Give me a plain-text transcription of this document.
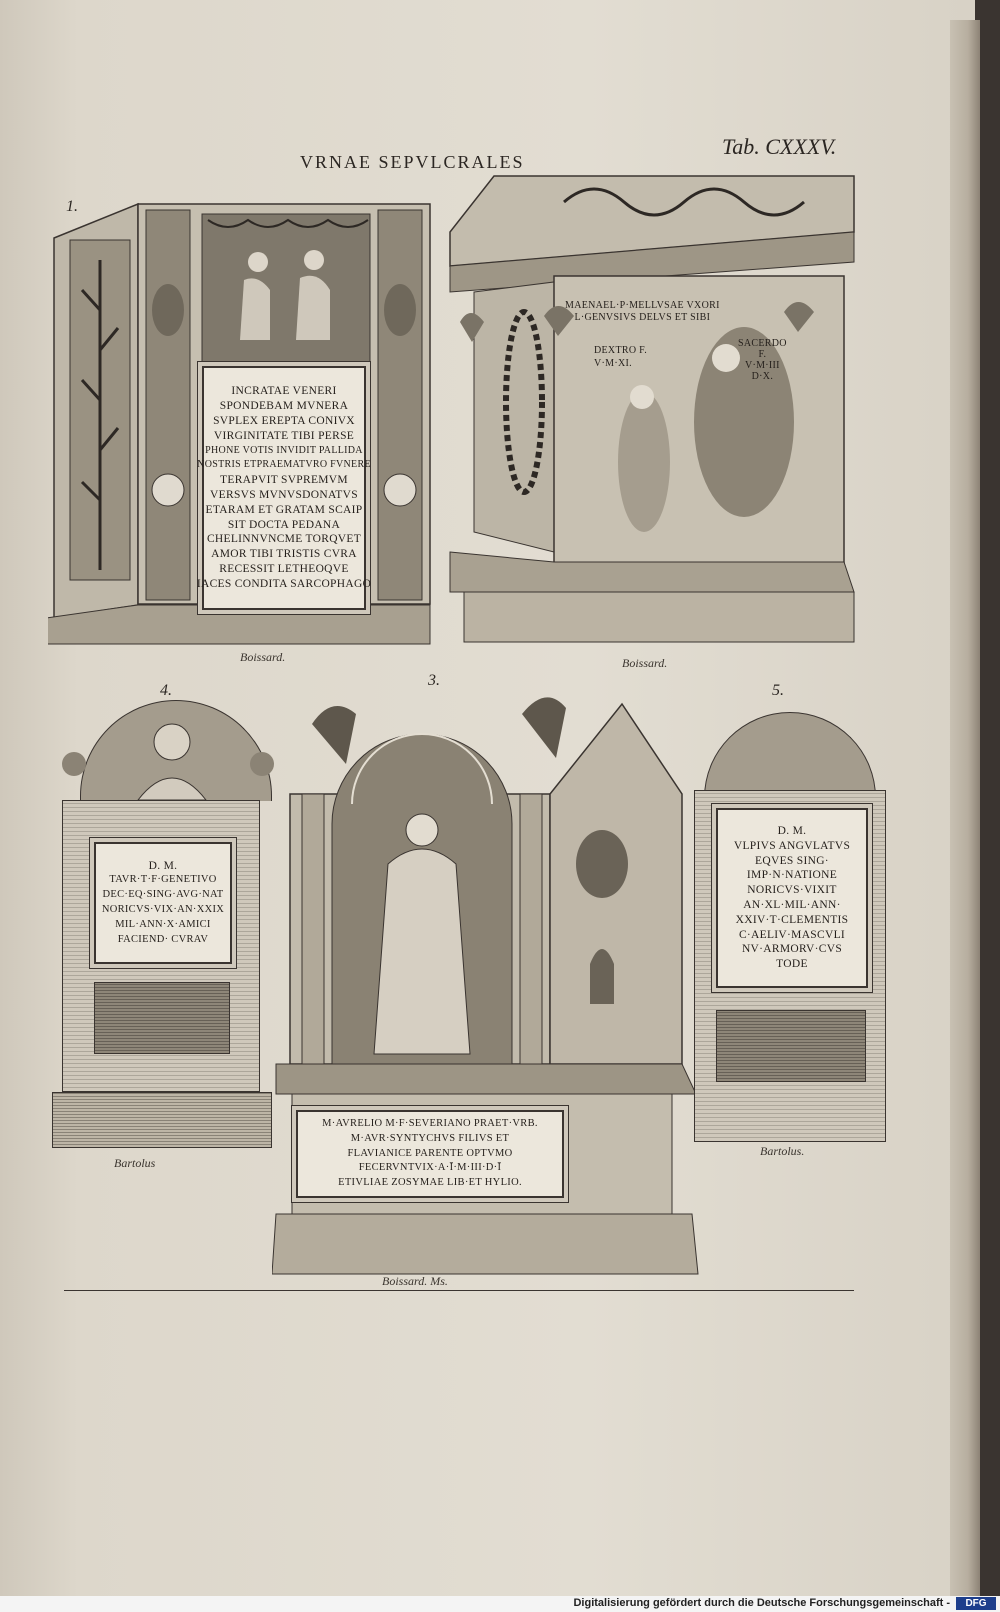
VRNAE SEPVLCRALES
Tab. CXXXV.
1.
INCRATAE VENERI
SPONDEBAM MVNERA
SVPLEX EREPTA CONIVX
VIRGINITATE TIBI PERSE
PHONE VOTIS INVIDIT PALLIDA
NOSTRIS ETPRAEMATVRO FVNERE
TERAPVIT SVPREMVM
VERSVS MVNVSDONATVS
ETARAM ET GRATAM SCAIP
SIT DOCTA PEDANA
CHELINNVNCME TORQVET
AMOR TIBI TRISTIS CVRA
RECESSIT LETHEOQVE
IACES CONDITA SARCOPHAGO
Boissard.
MAENAEL·P·MELLVSAE VXORI
L·GENVSIVS DELVS ET SIBI
DEXTRO F.
V·M·XI.
SACERDO
F.
V·M·III
D·X.
Boissard.
4.
D. M.
TAVR·T·F·GENETIVO
DEC·EQ·SING·AVG·NAT
NORICVS·VIX·AN·XXIX
MIL·ANN·X·AMICI
FACIEND· CVRAV
Bartolus
3.
M·AVRELIO M·F·SEVERIANO PRAET·VRB.
M·AVR·SYNTYCHVS FILIVS ET
FLAVIANICE PARENTE OPTVMO
FECERVNTVIX·A·Ī·M·III·D·Ī
ETIVLIAE ZOSYMAE LIB·ET HYLIO.
Boissard. Ms.
5.
D. M.
VLPIVS ANGVLATVS
EQVES SING·
IMP·N·NATIONE
NORICVS·VIXIT
AN·XL·MIL·ANN·
XXIV·T·CLEMENTIS
C·AELIV·MASCVLI
NV·ARMORV·CVS
TODE
Bartolus.
Digitalisierung gefördert durch die Deutsche Forschungsgemeinschaft -	DFG
